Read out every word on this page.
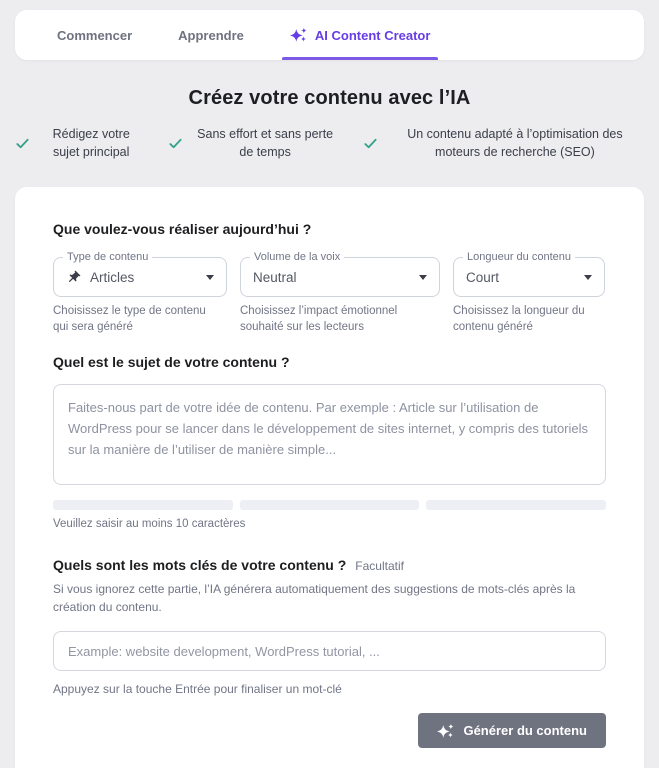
Commencer	Apprendre	AI Content Creator
Créez votre contenu avec l’IA
Rédigez votre sujet principal
Sans effort et sans perte de temps
Un contenu adapté à l’optimisation des moteurs de recherche (SEO)
Que voulez-vous réaliser aujourd’hui ?
Type de contenu
Articles
Choisissez le type de contenu qui sera généré
Volume de la voix
Neutral
Choisissez l’impact émotionnel souhaité sur les lecteurs
Longueur du contenu
Court
Choisissez la longueur du contenu généré
Quel est le sujet de votre contenu ?
Faites-nous part de votre idée de contenu. Par exemple : Article sur l’utilisation de WordPress pour se lancer dans le développement de sites internet, y compris des tutoriels sur la manière de l’utiliser de manière simple...
Veuillez saisir au moins 10 caractères
Quels sont les mots clés de votre contenu ? Facultatif
Si vous ignorez cette partie, l’IA générera automatiquement des suggestions de mots-clés après la création du contenu.
Example: website development, WordPress tutorial, ...
Appuyez sur la touche Entrée pour finaliser un mot-clé
Générer du contenu
